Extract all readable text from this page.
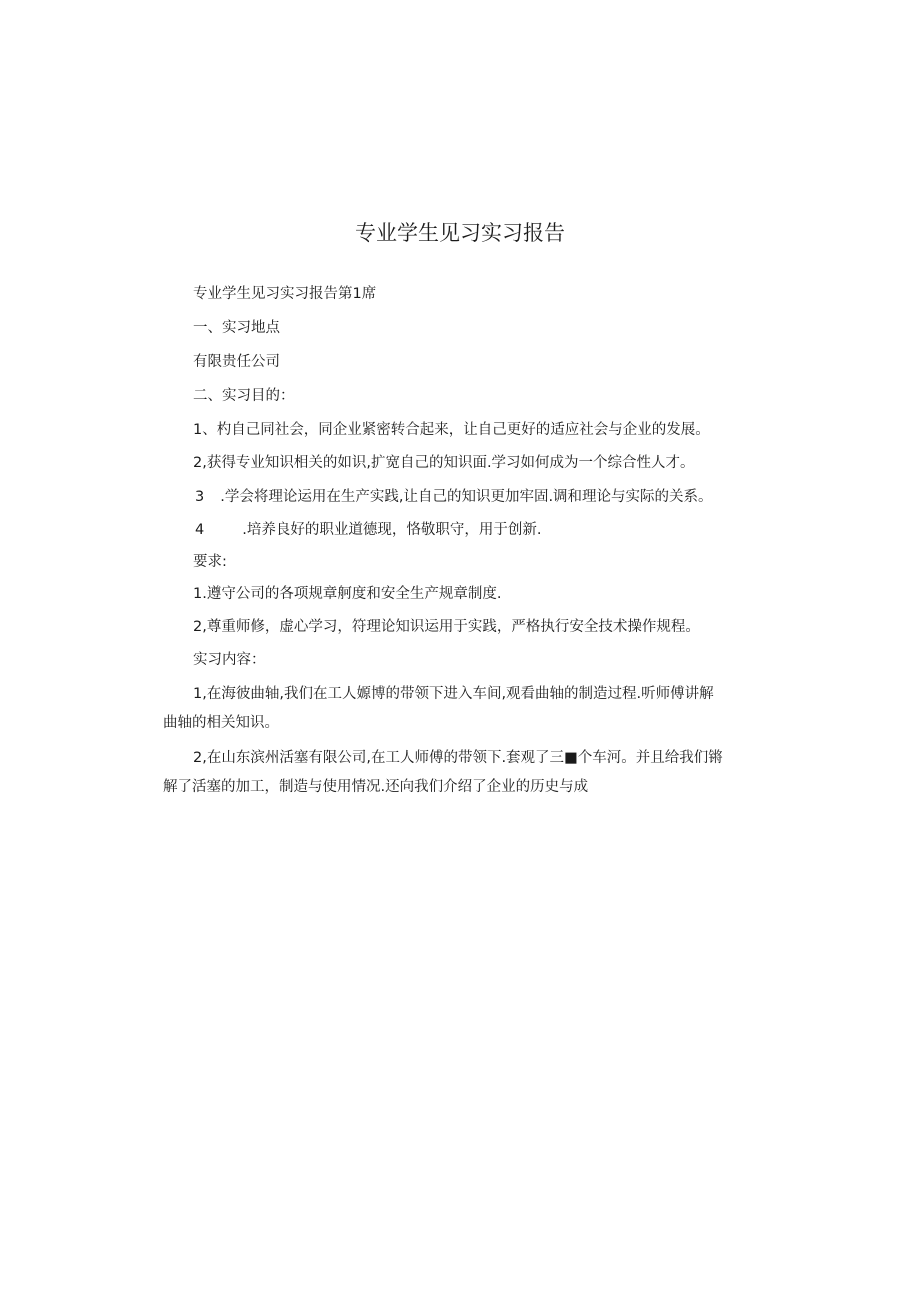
专业学生见习实习报告
专业学生见习实习报告第1席
一、实习地点
有限贵任公司
二、实习目的：
1、杓自己同社会，同企业紧密转合起来，让自己更好的适应社会与企业的发展。
2,获得专业知识相关的如识,扩宽自己的知识面.学习如何成为一个综合性人才。
3 .学会将理论运用在生产实践,让自己的知识更加牢固.调和理论与实际的关系。
4	.培养良好的职业道德现，恪敬职守，用于创新.
要求:
1.遵守公司的各项规章舸度和安全生产规章制度.
2,尊重师修，虚心学习，符理论知识运用于实践，严格执行安全技术操作规程。
实习内容：
1,在海彼曲轴,我们在工人嫄博的带领下进入车间,观看曲轴的制造过程.听师傅讲解
曲轴的相关知识。
2,在山东滨州活塞有限公司,在工人师傅的带领下.套观了三■个车河。并且给我们锵
解了活塞的加工，制造与使用情况.还向我们介绍了企业的历史与成
